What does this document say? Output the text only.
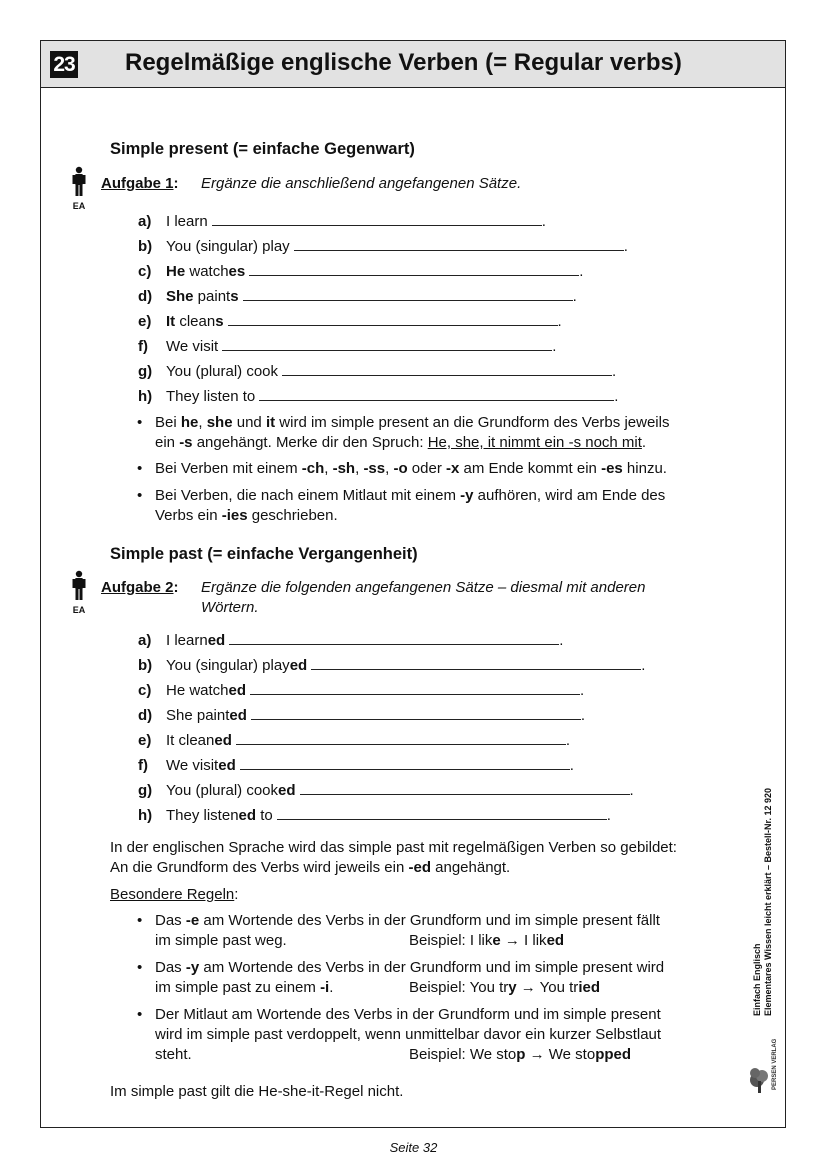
23 Regelmäßige englische Verben (= Regular verbs)
Simple present (= einfache Gegenwart)
EA
Aufgabe 1: Ergänze die anschließend angefangenen Sätze.
a) I learn	.
b) You (singular) play	.
c) He watches	.
d) She paints	.
e) It cleans	.
f) We visit	.
g) You (plural) cook	.
h) They listen to	.
• Bei he, she und it wird im simple present an die Grundform des Verbs jeweils
ein -s angehängt. Merke dir den Spruch: He, she, it nimmt ein -s noch mit.
• Bei Verben mit einem -ch, -sh, -ss, -o oder -x am Ende kommt ein -es hinzu.
• Bei Verben, die nach einem Mitlaut mit einem -y aufhören, wird am Ende des
Verbs ein -ies geschrieben.
Simple past (= einfache Vergangenheit)
EA
Aufgabe 2: Ergänze die folgenden angefangenen Sätze – diesmal mit anderen
Wörtern.
a) I learned	.
b) You (singular) played	.
c) He watched	.
d) She painted	.
e) It cleaned	.
f) We visited	.
g) You (plural) cooked	.
h) They listened to	.
In der englischen Sprache wird das simple past mit regelmäßigen Verben so gebildet:
An die Grundform des Verbs wird jeweils ein -ed angehängt.
Besondere Regeln:
• Das -e am Wortende des Verbs in der Grundform und im simple present fällt
im simple past weg.	Beispiel: I like → I liked
• Das -y am Wortende des Verbs in der Grundform und im simple present wird
im simple past zu einem -i.	Beispiel: You try → You tried
• Der Mitlaut am Wortende des Verbs in der Grundform und im simple present
wird im simple past verdoppelt, wenn unmittelbar davor ein kurzer Selbstlaut
steht.	Beispiel: We stop → We stopped
Im simple past gilt die He-she-it-Regel nicht.
Einfach Englisch Elementares Wissen leicht erklärt – Bestell-Nr. 12 920
PERSEN VERLAG
Seite 32
